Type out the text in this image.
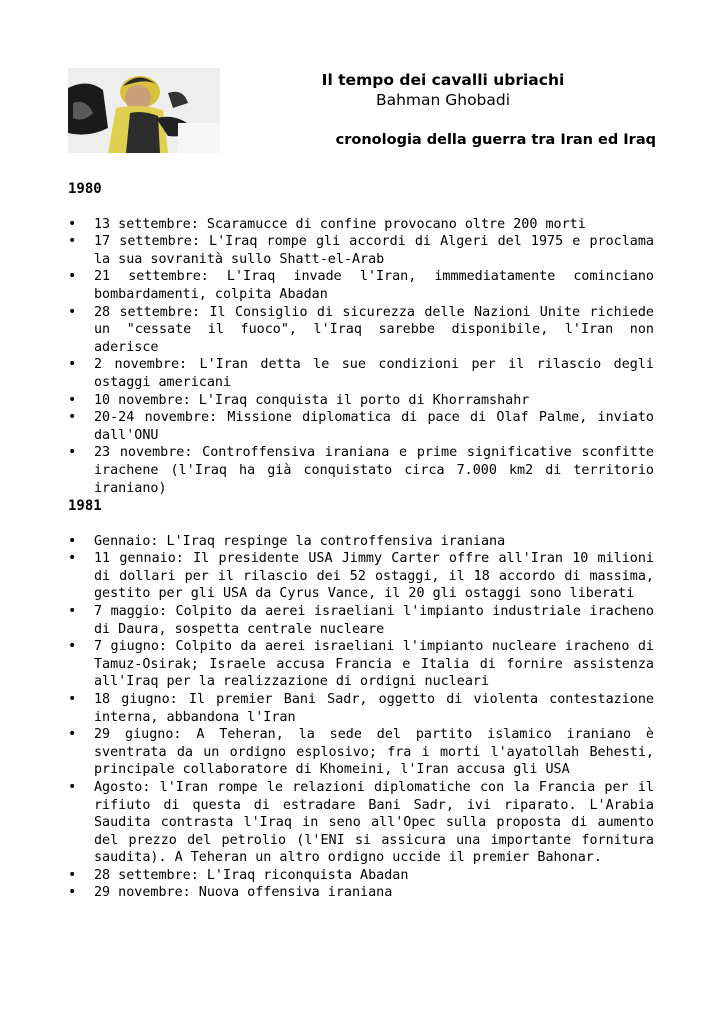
Il tempo dei cavalli ubriachi
Bahman Ghobadi
cronologia della guerra tra Iran ed Iraq
1980
• 13 settembre: Scaramucce di confine provocano oltre 200 morti
• 17 settembre: L'Iraq rompe gli accordi di Algeri del 1975 e proclama la sua sovranità sullo Shatt-el-Arab
• 21 settembre: L'Iraq invade l'Iran, immmediatamente cominciano bombardamenti, colpita Abadan
• 28 settembre: Il Consiglio di sicurezza delle Nazioni Unite richiede un "cessate il fuoco", l'Iraq sarebbe disponibile, l'Iran non aderisce
• 2 novembre: L'Iran detta le sue condizioni per il rilascio degli ostaggi americani
• 10 novembre: L'Iraq conquista il porto di Khorramshahr
• 20-24 novembre: Missione diplomatica di pace di Olaf Palme, inviato dall'ONU
• 23 novembre: Controffensiva iraniana e prime significative sconfitte irachene (l'Iraq ha già conquistato circa 7.000 km2 di territorio iraniano)
1981
• Gennaio: L'Iraq respinge la controffensiva iraniana
• 11 gennaio: Il presidente USA Jimmy Carter offre all'Iran 10 milioni di dollari per il rilascio dei 52 ostaggi, il 18 accordo di massima, gestito per gli USA da Cyrus Vance, il 20 gli ostaggi sono liberati
• 7 maggio: Colpito da aerei israeliani l'impianto industriale iracheno di Daura, sospetta centrale nucleare
• 7 giugno: Colpito da aerei israeliani l'impianto nucleare iracheno di Tamuz-Osirak; Israele accusa Francia e Italia di fornire assistenza all'Iraq per la realizzazione di ordigni nucleari
• 18 giugno: Il premier Bani Sadr, oggetto di violenta contestazione interna, abbandona l'Iran
• 29 giugno: A Teheran, la sede del partito islamico iraniano è sventrata da un ordigno esplosivo; fra i morti l'ayatollah Behesti, principale collaboratore di Khomeini, l'Iran accusa gli USA
• Agosto: l'Iran rompe le relazioni diplomatiche con la Francia per il rifiuto di questa di estradare Bani Sadr, ivi riparato. L'Arabia Saudita contrasta l'Iraq in seno all'Opec sulla proposta di aumento del prezzo del petrolio (l'ENI si assicura una importante fornitura saudita). A Teheran un altro ordigno uccide il premier Bahonar.
• 28 settembre: L'Iraq riconquista Abadan
• 29 novembre: Nuova offensiva iraniana
